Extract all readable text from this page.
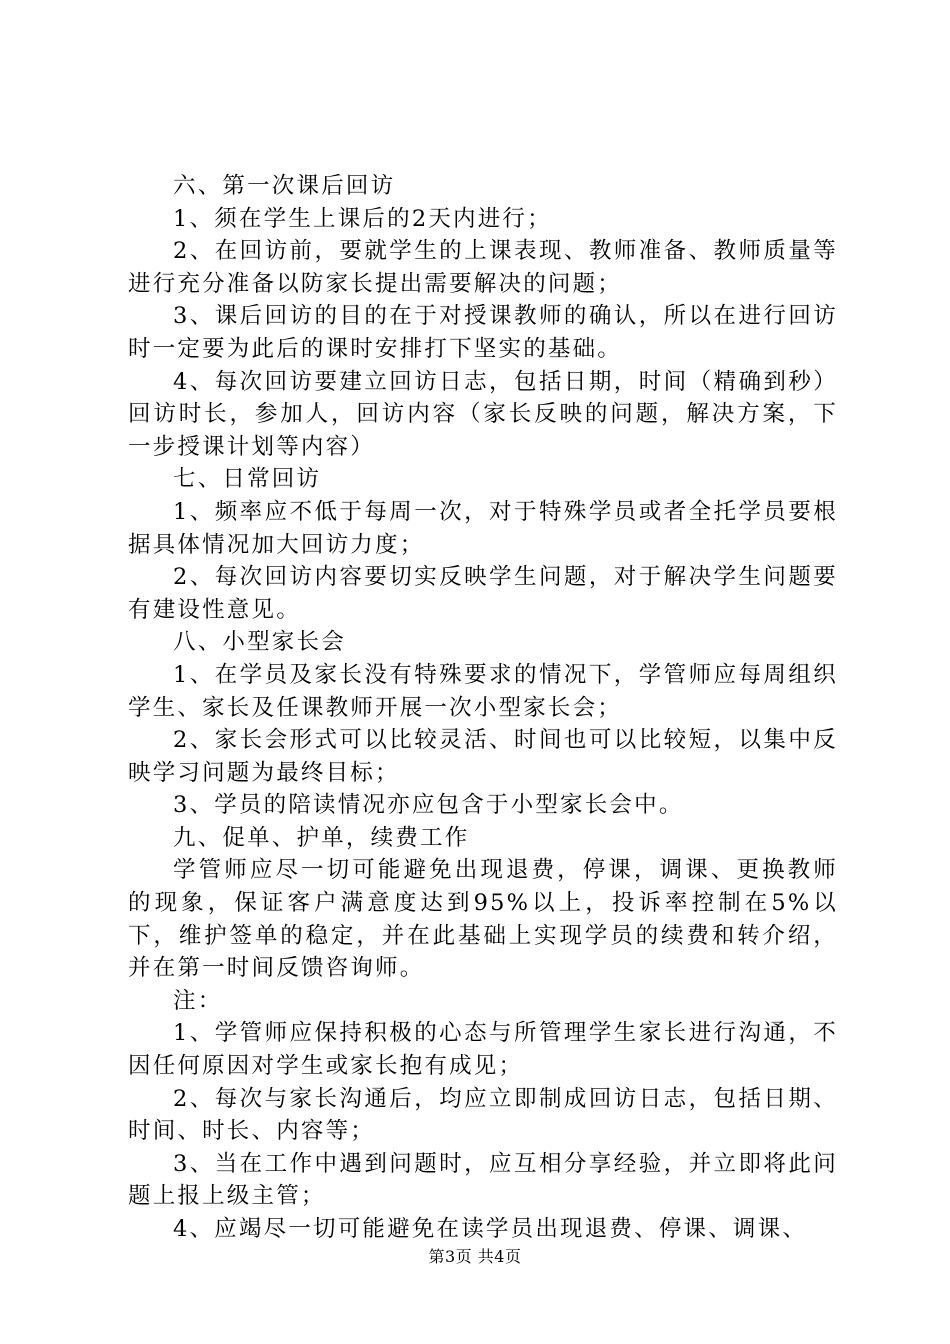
六、第一次课后回访

1、须在学生上课后的2天内进行；

2、在回访前，要就学生的上课表现、教师准备、教师质量等进行充分准备以防家长提出需要解决的问题；

3、课后回访的目的在于对授课教师的确认，所以在进行回访时一定要为此后的课时安排打下坚实的基础。

4、每次回访要建立回访日志，包括日期，时间（精确到秒）回访时长，参加人，回访内容（家长反映的问题，解决方案，下一步授课计划等内容）

七、日常回访

1、频率应不低于每周一次，对于特殊学员或者全托学员要根据具体情况加大回访力度；

2、每次回访内容要切实反映学生问题，对于解决学生问题要有建设性意见。

八、小型家长会

1、在学员及家长没有特殊要求的情况下，学管师应每周组织学生、家长及任课教师开展一次小型家长会；

2、家长会形式可以比较灵活、时间也可以比较短，以集中反映学习问题为最终目标；

3、学员的陪读情况亦应包含于小型家长会中。

九、促单、护单，续费工作

学管师应尽一切可能避免出现退费，停课，调课、更换教师的现象，保证客户满意度达到95%以上，投诉率控制在5%以下，维护签单的稳定，并在此基础上实现学员的续费和转介绍，并在第一时间反馈咨询师。

注：

1、学管师应保持积极的心态与所管理学生家长进行沟通，不因任何原因对学生或家长抱有成见；

2、每次与家长沟通后，均应立即制成回访日志，包括日期、时间、时长、内容等；

3、当在工作中遇到问题时，应互相分享经验，并立即将此问题上报上级主管；

4、应竭尽一切可能避免在读学员出现退费、停课、调课、

第3页 共4页
